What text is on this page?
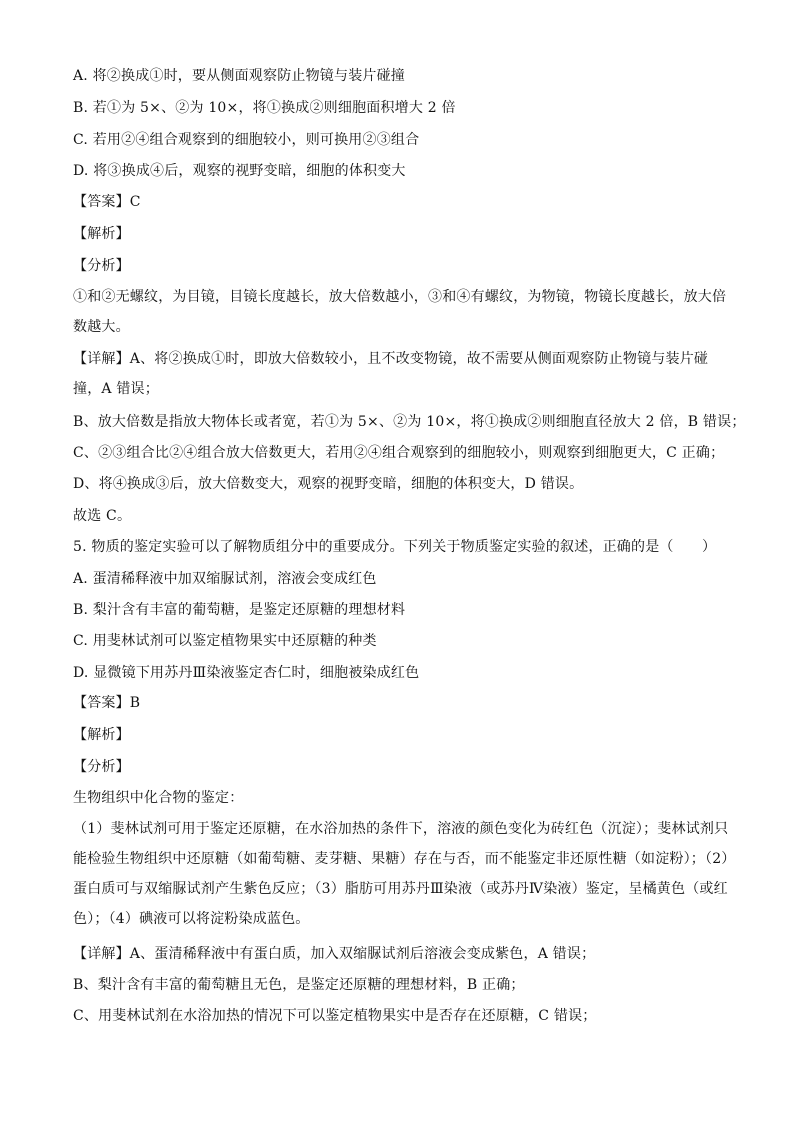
A. 将②换成①时，要从侧面观察防止物镜与装片碰撞
B. 若①为 5×、②为 10×，将①换成②则细胞面积增大 2 倍
C. 若用②④组合观察到的细胞较小，则可换用②③组合
D. 将③换成④后，观察的视野变暗，细胞的体积变大
【答案】C
【解析】
【分析】
①和②无螺纹，为目镜，目镜长度越长，放大倍数越小，③和④有螺纹，为物镜，物镜长度越长，放大倍数越大。
【详解】A、将②换成①时，即放大倍数较小，且不改变物镜，故不需要从侧面观察防止物镜与装片碰撞，A 错误；
B、放大倍数是指放大物体长或者宽，若①为 5×、②为 10×，将①换成②则细胞直径放大 2 倍，B 错误；
C、②③组合比②④组合放大倍数更大，若用②④组合观察到的细胞较小，则观察到细胞更大，C 正确；
D、将④换成③后，放大倍数变大，观察的视野变暗，细胞的体积变大，D 错误。
故选 C。
5. 物质的鉴定实验可以了解物质组分中的重要成分。下列关于物质鉴定实验的叙述，正确的是（　　）
A. 蛋清稀释液中加双缩脲试剂，溶液会变成红色
B. 梨汁含有丰富的葡萄糖，是鉴定还原糖的理想材料
C. 用斐林试剂可以鉴定植物果实中还原糖的种类
D. 显微镜下用苏丹Ⅲ染液鉴定杏仁时，细胞被染成红色
【答案】B
【解析】
【分析】
生物组织中化合物的鉴定：
（1）斐林试剂可用于鉴定还原糖，在水浴加热的条件下，溶液的颜色变化为砖红色（沉淀）；斐林试剂只能检验生物组织中还原糖（如葡萄糖、麦芽糖、果糖）存在与否，而不能鉴定非还原性糖（如淀粉）；（2）蛋白质可与双缩脲试剂产生紫色反应；（3）脂肪可用苏丹Ⅲ染液（或苏丹Ⅳ染液）鉴定，呈橘黄色（或红色）；（4）碘液可以将淀粉染成蓝色。
【详解】A、蛋清稀释液中有蛋白质，加入双缩脲试剂后溶液会变成紫色，A 错误；
B、梨汁含有丰富的葡萄糖且无色，是鉴定还原糖的理想材料，B 正确；
C、用斐林试剂在水浴加热的情况下可以鉴定植物果实中是否存在还原糖，C 错误；
